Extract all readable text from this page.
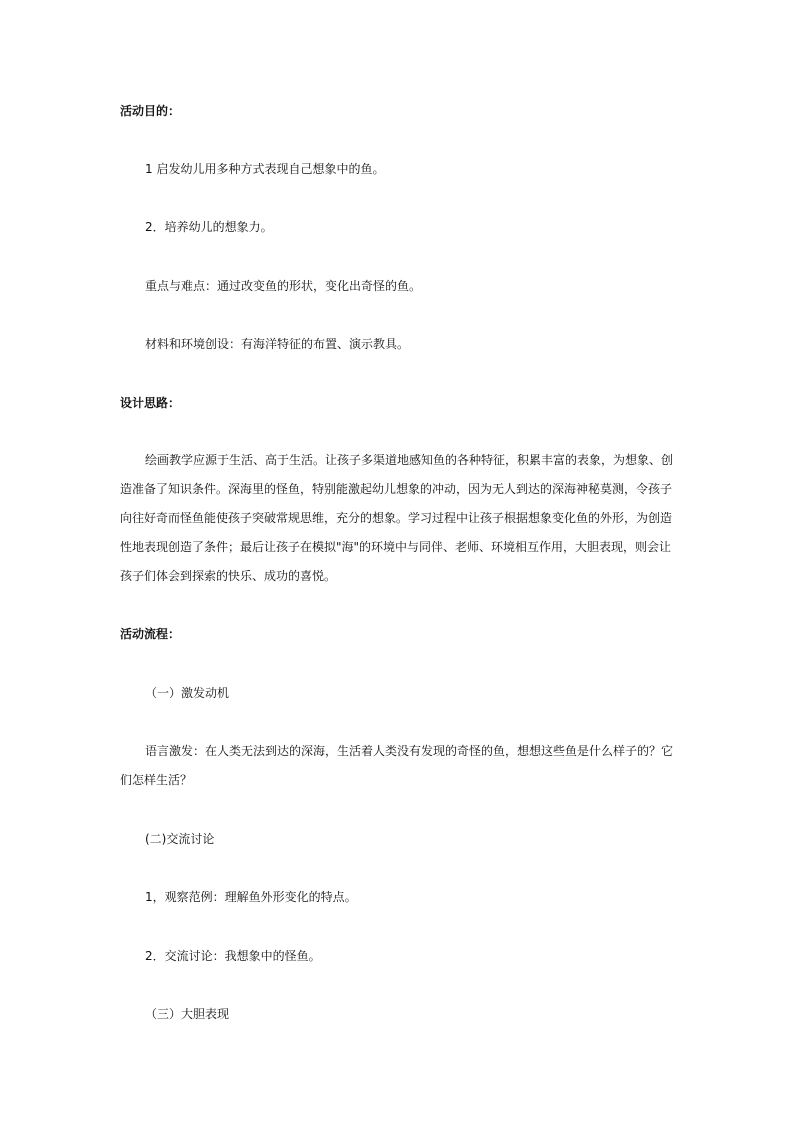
活动目的：
1 启发幼儿用多种方式表现自己想象中的鱼。
2．培养幼儿的想象力。
重点与难点：通过改变鱼的形状，变化出奇怪的鱼。
材料和环境创设：有海洋特征的布置、演示教具。
设计思路：
绘画教学应源于生活、高于生活。让孩子多渠道地感知鱼的各种特征，积累丰富的表象，为想象、创
造准备了知识条件。深海里的怪鱼，特别能激起幼儿想象的冲动，因为无人到达的深海神秘莫测，令孩子
向往好奇而怪鱼能使孩子突破常规思维，充分的想象。学习过程中让孩子根据想象变化鱼的外形，为创造
性地表现创造了条件；最后让孩子在模拟"海"的环境中与同伴、老师、环境相互作用，大胆表现，则会让
孩子们体会到探索的快乐、成功的喜悦。
活动流程：
（一）激发动机
语言激发：在人类无法到达的深海，生活着人类没有发现的奇怪的鱼，想想这些鱼是什么样子的？它
们怎样生活？
(二)交流讨论
1，观察范例：理解鱼外形变化的特点。
2．交流讨论：我想象中的怪鱼。
（三）大胆表现
